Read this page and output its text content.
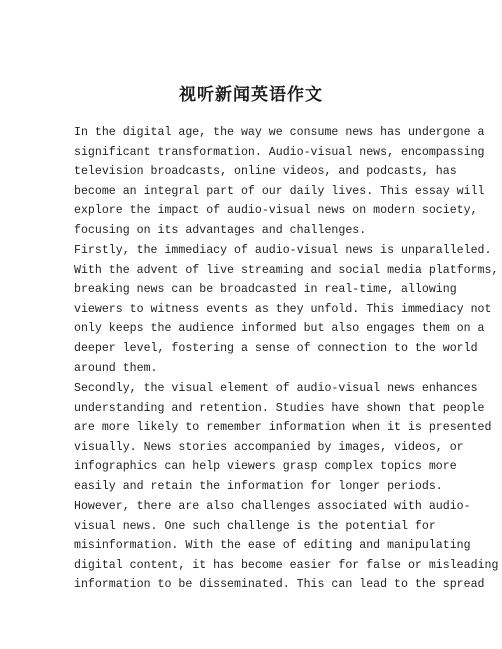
视听新闻英语作文

In the digital age, the way we consume news has undergone a
significant transformation. Audio-visual news, encompassing
television broadcasts, online videos, and podcasts, has
become an integral part of our daily lives. This essay will
explore the impact of audio-visual news on modern society,
focusing on its advantages and challenges.

Firstly, the immediacy of audio-visual news is unparalleled.
With the advent of live streaming and social media platforms,
breaking news can be broadcasted in real-time, allowing
viewers to witness events as they unfold. This immediacy not
only keeps the audience informed but also engages them on a
deeper level, fostering a sense of connection to the world
around them.

Secondly, the visual element of audio-visual news enhances
understanding and retention. Studies have shown that people
are more likely to remember information when it is presented
visually. News stories accompanied by images, videos, or
infographics can help viewers grasp complex topics more
easily and retain the information for longer periods.

However, there are also challenges associated with audio-
visual news. One such challenge is the potential for
misinformation. With the ease of editing and manipulating
digital content, it has become easier for false or misleading
information to be disseminated. This can lead to the spread
